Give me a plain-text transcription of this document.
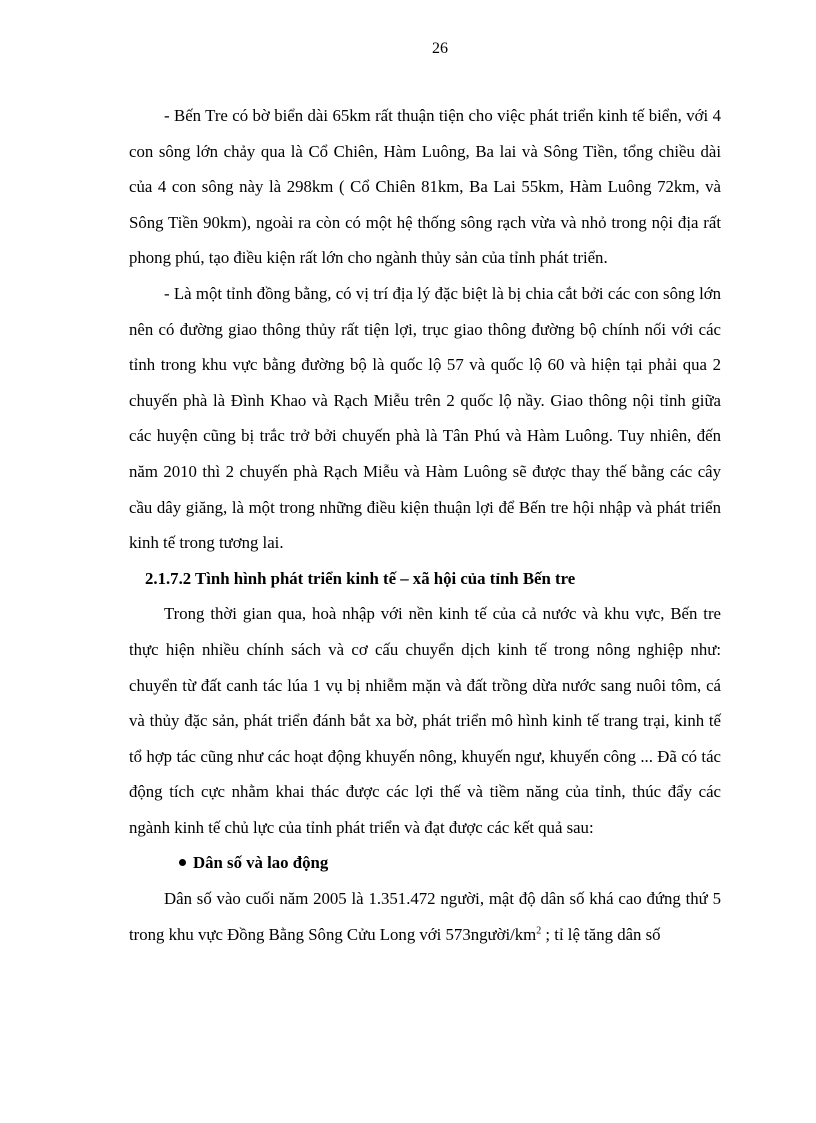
26

- Bến Tre có bờ biển dài 65km rất thuận tiện cho việc phát triển kinh tế biển, với 4 con sông lớn chảy qua là Cổ Chiên, Hàm Luông, Ba lai và Sông Tiền, tổng chiều dài của 4 con sông này là 298km ( Cổ Chiên 81km, Ba Lai 55km, Hàm Luông 72km, và Sông Tiền 90km), ngoài ra còn có một hệ thống sông rạch vừa và nhỏ trong nội địa rất phong phú, tạo điều kiện rất lớn cho ngành thủy sản của tỉnh phát triển.

- Là một tỉnh đồng bằng, có vị trí địa lý đặc biệt là bị chia cắt bởi các con sông lớn nên có đường giao thông thủy rất tiện lợi, trục giao thông đường bộ chính nối với các tỉnh trong khu vực bằng đường bộ là quốc lộ 57 và quốc lộ 60 và hiện tại phải qua 2 chuyến phà là Đình Khao và Rạch Miễu trên 2 quốc lộ nầy. Giao thông nội tỉnh giữa các huyện cũng bị trắc trở bởi chuyến phà là Tân Phú và Hàm Luông. Tuy nhiên, đến năm 2010 thì 2 chuyến phà Rạch Miễu và Hàm Luông sẽ được thay thế bằng các cây cầu dây giăng, là một trong những điều kiện thuận lợi để Bến tre hội nhập và phát triển kinh tế trong tương lai.

2.1.7.2 Tình hình phát triển kinh tế – xã hội của tỉnh Bến tre

Trong thời gian qua, hoà nhập với nền kinh tế của cả nước và khu vực, Bến tre thực hiện nhiều chính sách và cơ cấu chuyển dịch kinh tế trong nông nghiệp như: chuyển từ đất canh tác lúa 1 vụ bị nhiễm mặn và đất trồng dừa nước sang nuôi tôm, cá và thủy đặc sản, phát triển đánh bắt xa bờ, phát triển mô hình kinh tế trang trại, kinh tế tổ hợp tác cũng như các hoạt động khuyến nông, khuyến ngư, khuyến công ... Đã có tác động tích cực nhằm khai thác được các lợi thế và tiềm năng của tỉnh, thúc đẩy các ngành kinh tế chủ lực của tỉnh phát triển và đạt được các kết quả sau:

Dân số và lao động

Dân số vào cuối năm 2005 là 1.351.472 người, mật độ dân số khá cao đứng thứ 5 trong khu vực Đồng Bằng Sông Cửu Long với $573người/km^2$ ; tỉ lệ tăng dân số
